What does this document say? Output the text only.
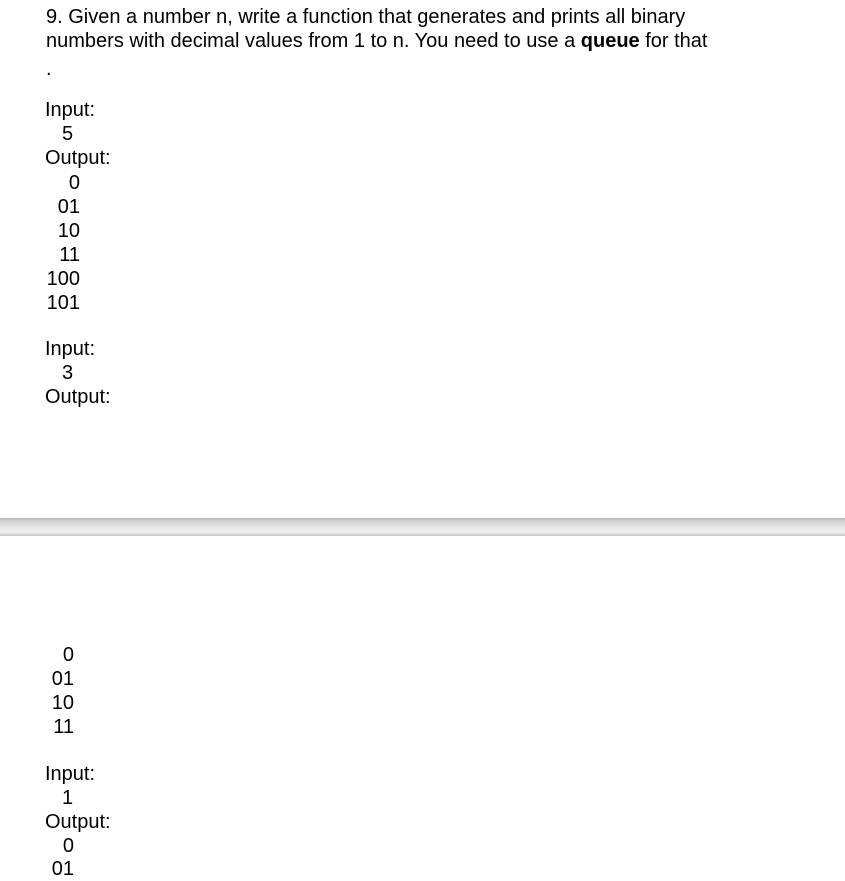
9. Given a number n, write a function that generates and prints all binary
numbers with decimal values from 1 to n. You need to use a queue for that
.
Input:
5
Output:
0
01
10
11
100
101
Input:
3
Output:
0
01
10
11
Input:
1
Output:
0
01
